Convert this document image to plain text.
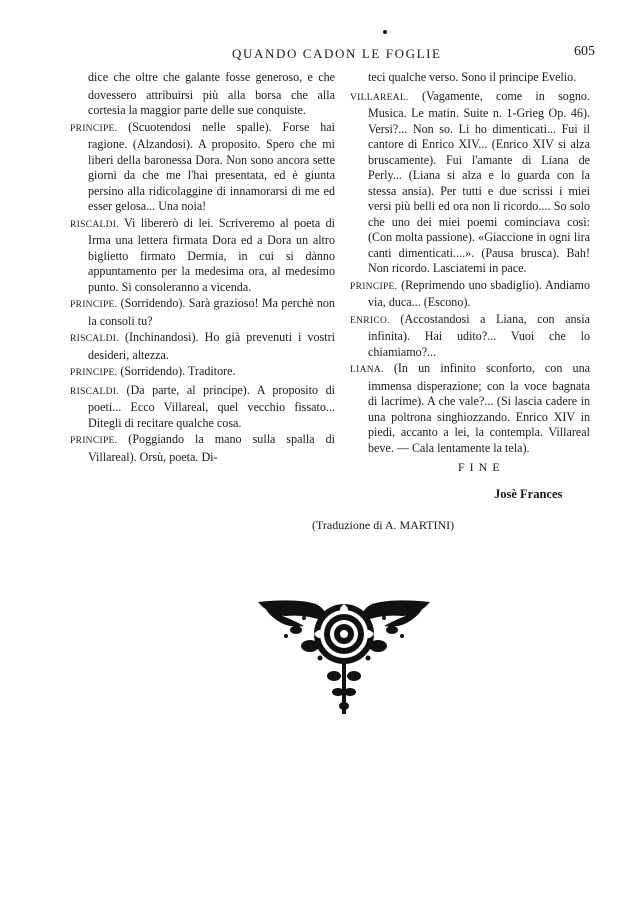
QUANDO CADON LE FOGLIE	605

dice che oltre che galante fosse generoso, e che dovessero attribuirsi più alla borsa che alla cortesia la maggior parte delle sue conquiste.

PRINCIPE. (Scuotendosi nelle spalle). Forse hai ragione. (Alzandosi). A proposito. Spero che mi liberi della baronessa Dora. Non sono ancora sette giorni da che me l'hai presentata, ed è giunta persino alla ridicolaggine di innamorarsi di me ed esser gelosa... Una noia!

RISCALDI. Vi libererò di lei. Scriveremo al poeta di Irma una lettera firmata Dora ed a Dora un altro biglietto firmato Dermia, in cui si dànno appuntamento per la medesima ora, al medesimo punto. Si consoleranno a vicenda.

PRINCIPE. (Sorridendo). Sarà grazioso! Ma perchè non la consoli tu?

RISCALDI. (Inchinandosi). Ho già prevenuti i vostri desideri, altezza.

PRINCIPE. (Sorridendo). Traditore.

RISCALDI. (Da parte, al principe). A proposito di poeti... Ecco Villareal, quel vecchio fissato... Ditegli di recitare qualche cosa.

PRINCIPE. (Poggiando la mano sulla spalla di Villareal). Orsù, poeta. Di-

teci qualche verso. Sono il principe Evelio.

VILLAREAL. (Vagamente, come in sogno. Musica. Le matin. Suite n. 1-Grieg Op. 46). Versi?... Non so. Li ho dimenticati... Fui il cantore di Enrico XIV... (Enrico XIV si alza bruscamente). Fui l'amante di Liana de Perly... (Liana si alza e lo guarda con la stessa ansia). Per tutti e due scrissi i miei versi più belli ed ora non li ricordo.... So solo che uno dei miei poemi cominciava così: (Con molta passione). «Giaccione in ogni lira canti dimenticati....». (Pausa brusca). Bah! Non ricordo. Lasciatemi in pace.

PRINCIPE. (Reprimendo uno sbadiglio). Andiamo via, duca... (Escono).

ENRICO. (Accostandosi a Liana, con ansia infinita). Hai udito?... Vuoi che lo chiamiamo?...

LIANA. (In un infinito sconforto, con una immensa disperazione; con la voce bagnata di lacrime). A che vale?... (Si lascia cadere in una poltrona singhiozzando. Enrico XIV in piedi, accanto a lei, la contempla. Villareal beve. — Cala lentamente la tela).

FINE
Josè Frances
(Traduzione di A. MARTINI)
